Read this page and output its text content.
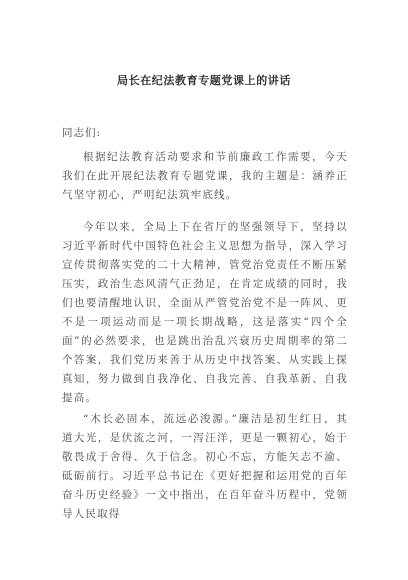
局长在纪法教育专题党课上的讲话
同志们:

根据纪法教育活动要求和节前廉政工作需要，今天我们在此开展纪法教育专题党课，我的主题是：涵养正气坚守初心，严明纪法筑牢底线。

今年以来，全局上下在省厅的坚强领导下，坚持以习近平新时代中国特色社会主义思想为指导，深入学习宣传贯彻落实党的二十大精神，管党治党责任不断压紧压实，政治生态风清气正劲足，在肯定成绩的同时，我们也要清醒地认识，全面从严管党治党不是一阵风、更不是一项运动而是一项长期战略，这是落实“四个全面”的必然要求，也是跳出治乱兴衰历史周期率的第二个答案，我们党历来善于从历史中找答案、从实践上探真知，努力做到自我净化、自我完善、自我革新、自我提高。

“木长必固本，流远必浚源。”廉洁是初生红日，其道大光，是伏流之河，一泻汪洋，更是一颗初心，始于敬畏成于舍得、久于信念。初心不忘，方能矢志不渝、砥砺前行。习近平总书记在《更好把握和运用党的百年奋斗历史经验》一文中指出，在百年奋斗历程中，党领导人民取得
